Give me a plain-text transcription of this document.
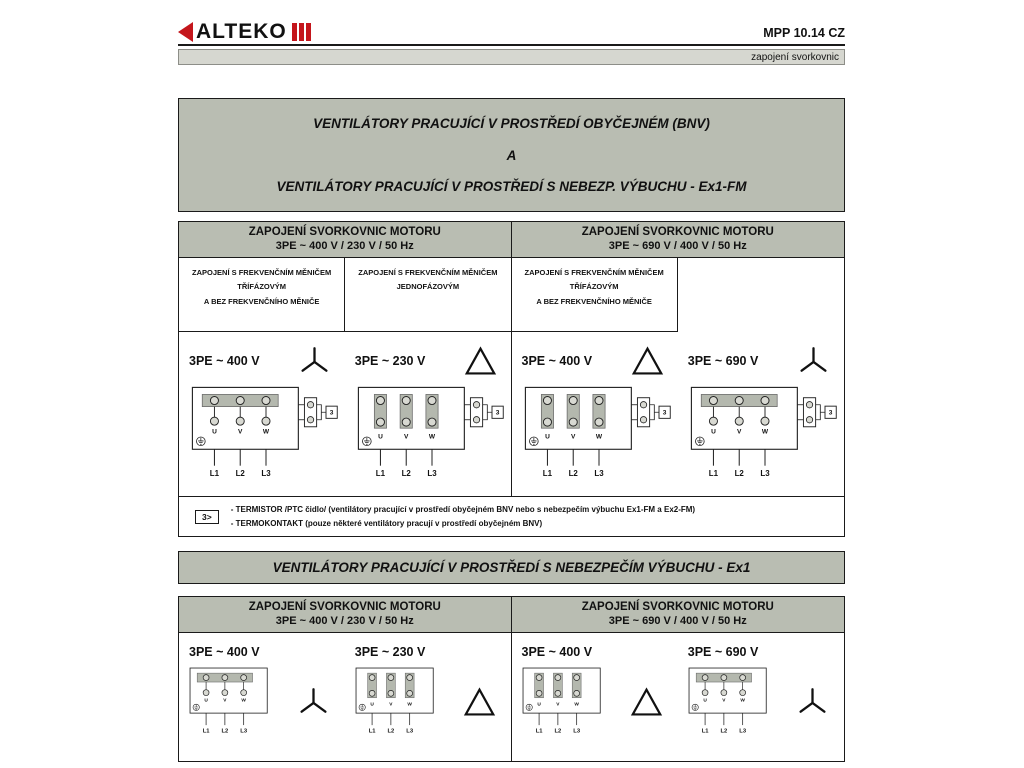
ALTEKO	MPP 10.14 CZ
zapojení svorkovnic
VENTILÁTORY PRACUJÍCÍ V PROSTŘEDÍ OBYČEJNÉM (BNV)
A
VENTILÁTORY PRACUJÍCÍ V PROSTŘEDÍ S NEBEZP. VÝBUCHU - Ex1-FM
ZAPOJENÍ SVORKOVNIC MOTORU
3PE ~ 400 V / 230 V / 50 Hz
ZAPOJENÍ SVORKOVNIC MOTORU
3PE ~ 690 V / 400 V / 50 Hz
ZAPOJENÍ S FREKVENČNÍM MĚNIČEM
TŘÍFÁZOVÝM
A BEZ FREKVENČNÍHO MĚNIČE
ZAPOJENÍ S FREKVENČNÍM MĚNIČEM
JEDNOFÁZOVÝM
ZAPOJENÍ S FREKVENČNÍM MĚNIČEM
TŘÍFÁZOVÝM
A BEZ FREKVENČNÍHO MĚNIČE
3PE ~ 400 V
U	V	W
L1 L2 L3
3
3PE ~ 230 V
U	V	W
L1 L2 L3
3
3PE ~ 400 V
U	V	W
L1 L2 L3
3
3PE ~ 690 V
U	V	W
L1 L2 L3
3
3>
- TERMISTOR /PTC čidlo/ (ventilátory pracující v prostředí obyčejném BNV nebo s nebezpečím výbuchu Ex1-FM a Ex2-FM)
- TERMOKONTAKT (pouze některé ventilátory pracují v prostředí obyčejném BNV)
VENTILÁTORY PRACUJÍCÍ V PROSTŘEDÍ S NEBEZPEČÍM VÝBUCHU - Ex1
ZAPOJENÍ SVORKOVNIC MOTORU
3PE ~ 400 V / 230 V / 50 Hz
ZAPOJENÍ SVORKOVNIC MOTORU
3PE ~ 690 V / 400 V / 50 Hz
3PE ~ 400 V
U V W
L1 L2 L3
3PE ~ 230 V
U V W
L1 L2 L3
3PE ~ 400 V
U V W
L1 L2 L3
3PE ~ 690 V
U V W
L1 L2 L3
